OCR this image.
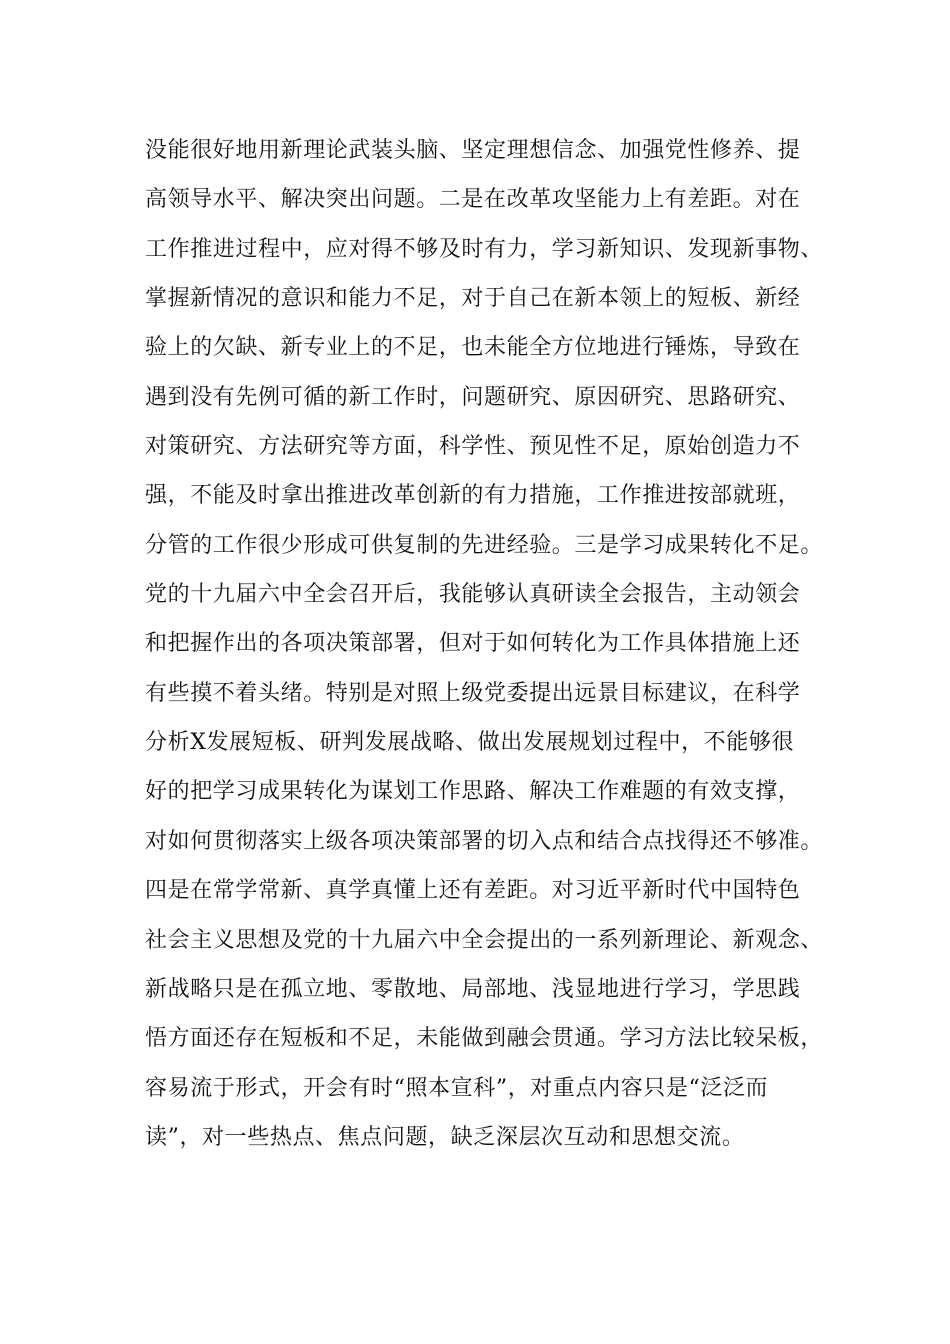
没能很好地用新理论武装头脑、坚定理想信念、加强党性修养、提
高领导水平、解决突出问题。二是在改革攻坚能力上有差距。对在
工作推进过程中，应对得不够及时有力，学习新知识、发现新事物、
掌握新情况的意识和能力不足，对于自己在新本领上的短板、新经
验上的欠缺、新专业上的不足，也未能全方位地进行锤炼，导致在
遇到没有先例可循的新工作时，问题研究、原因研究、思路研究、
对策研究、方法研究等方面，科学性、预见性不足，原始创造力不
强，不能及时拿出推进改革创新的有力措施，工作推进按部就班，
分管的工作很少形成可供复制的先进经验。三是学习成果转化不足。
党的十九届六中全会召开后，我能够认真研读全会报告，主动领会
和把握作出的各项决策部署，但对于如何转化为工作具体措施上还
有些摸不着头绪。特别是对照上级党委提出远景目标建议，在科学
分析X发展短板、研判发展战略、做出发展规划过程中，不能够很
好的把学习成果转化为谋划工作思路、解决工作难题的有效支撑，
对如何贯彻落实上级各项决策部署的切入点和结合点找得还不够准。
四是在常学常新、真学真懂上还有差距。对习近平新时代中国特色
社会主义思想及党的十九届六中全会提出的一系列新理论、新观念、
新战略只是在孤立地、零散地、局部地、浅显地进行学习，学思践
悟方面还存在短板和不足，未能做到融会贯通。学习方法比较呆板，
容易流于形式，开会有时“照本宣科”，对重点内容只是“泛泛而
读”，对一些热点、焦点问题，缺乏深层次互动和思想交流。
